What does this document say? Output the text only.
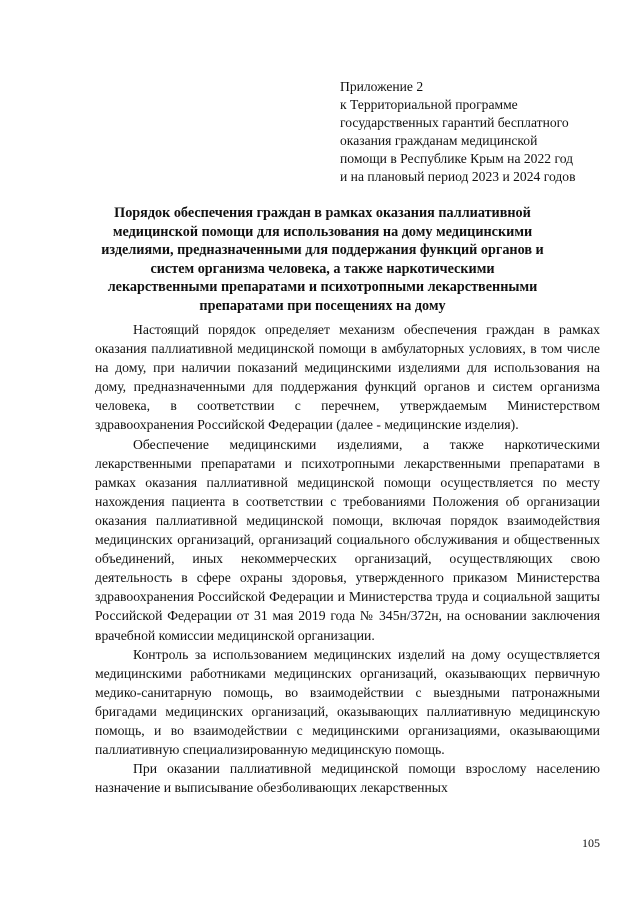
Приложение 2
к Территориальной программе
государственных гарантий бесплатного
оказания гражданам медицинской
помощи в Республике Крым на 2022 год
и на плановый период 2023 и 2024 годов
Порядок обеспечения граждан в рамках оказания паллиативной медицинской помощи для использования на дому медицинскими изделиями, предназначенными для поддержания функций органов и систем организма человека, а также наркотическими лекарственными препаратами и психотропными лекарственными препаратами при посещениях на дому

Настоящий порядок определяет механизм обеспечения граждан в рамках оказания паллиативной медицинской помощи в амбулаторных условиях, в том числе на дому, при наличии показаний медицинскими изделиями для использования на дому, предназначенными для поддержания функций органов и систем организма человека, в соответствии с перечнем, утверждаемым Министерством здравоохранения Российской Федерации (далее - медицинские изделия).

Обеспечение медицинскими изделиями, а также наркотическими лекарственными препаратами и психотропными лекарственными препаратами в рамках оказания паллиативной медицинской помощи осуществляется по месту нахождения пациента в соответствии с требованиями Положения об организации оказания паллиативной медицинской помощи, включая порядок взаимодействия медицинских организаций, организаций социального обслуживания и общественных объединений, иных некоммерческих организаций, осуществляющих свою деятельность в сфере охраны здоровья, утвержденного приказом Министерства здравоохранения Российской Федерации и Министерства труда и социальной защиты Российской Федерации от 31 мая 2019 года № 345н/372н, на основании заключения врачебной комиссии медицинской организации.

Контроль за использованием медицинских изделий на дому осуществляется медицинскими работниками медицинских организаций, оказывающих первичную медико-санитарную помощь, во взаимодействии с выездными патронажными бригадами медицинских организаций, оказывающих паллиативную медицинскую помощь, и во взаимодействии с медицинскими организациями, оказывающими паллиативную специализированную медицинскую помощь.

При оказании паллиативной медицинской помощи взрослому населению назначение и выписывание обезболивающих лекарственных

105
